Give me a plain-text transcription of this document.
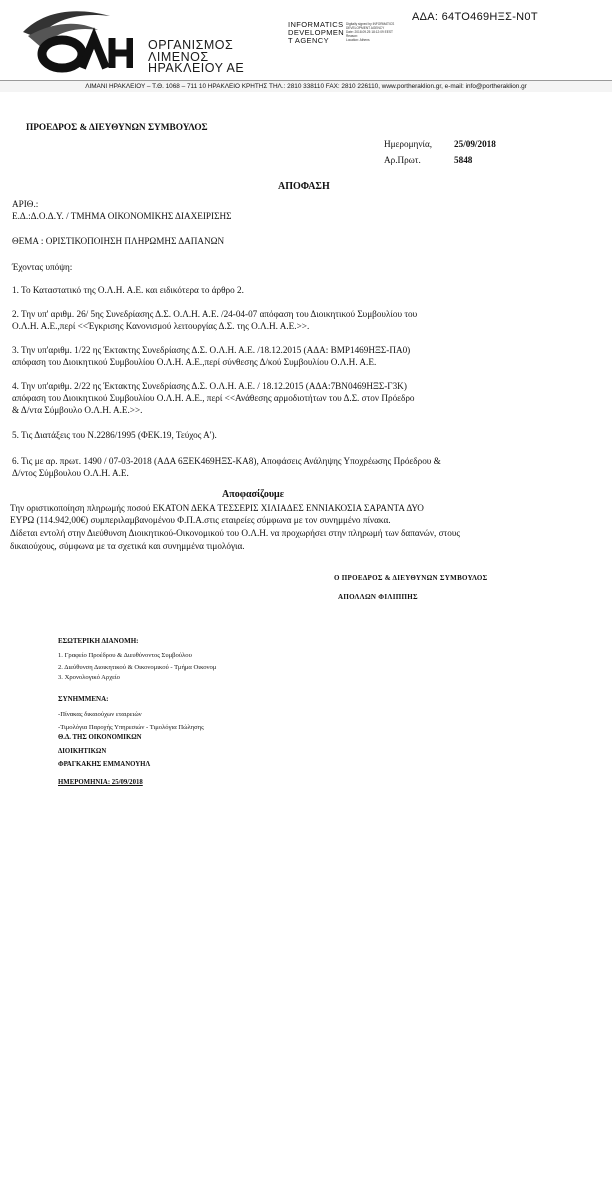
ΟΡΓΑΝΙΣΜΟΣ
ΛΙΜΕΝΟΣ
ΗΡΑΚΛΕΙΟΥ ΑΕ
INFORMATICS
DEVELOPMEN
T AGENCY
Digitally signed by INFORMATICS DEVELOPMENT AGENCY
Date: 2018.09.25 18:12:09 EEST
Reason:
Location: Athens
ΑΔΑ: 64ΤΟ469ΗΞΣ-Ν0Τ
ΛΙΜΑΝΙ ΗΡΑΚΛΕΙΟΥ – Τ.Θ. 1068 – 711 10 ΗΡΑΚΛΕΙΟ ΚΡΗΤΗΣ ΤΗΛ.: 2810 338110 FAX: 2810 226110, www.portheraklion.gr, e-mail: info@portheraklion.gr
ΠΡΟΕΔΡΟΣ & ΔΙΕΥΘΥΝΩΝ ΣΥΜΒΟΥΛΟΣ
Ημερομηνία, 25/09/2018
Αρ.Πρωτ.	5848
ΑΠΟΦΑΣΗ
ΑΡΙΘ.:
Ε.Δ.:Δ.Ο.Δ.Υ. / ΤΜΗΜΑ ΟΙΚΟΝΟΜΙΚΗΣ ΔΙΑΧΕΙΡΙΣΗΣ
ΘΕΜΑ : ΟΡΙΣΤΙΚΟΠΟΙΗΣΗ ΠΛΗΡΩΜΗΣ ΔΑΠΑΝΩΝ
Έχοντας υπόψη:
1. Το Καταστατικό της Ο.Λ.Η. Α.Ε. και ειδικότερα το άρθρο 2.
2. Την υπ' αριθμ. 26/ 5ης Συνεδρίασης Δ.Σ. Ο.Λ.Η. Α.Ε. /24-04-07 απόφαση του Διοικητικού Συμβουλίου του
Ο.Λ.Η. Α.Ε.,περί <<Έγκρισης Κανονισμού λειτουργίας Δ.Σ. της Ο.Λ.Η. Α.Ε.>>.
3. Την υπ'αριθμ. 1/22 ης Έκτακτης Συνεδρίασης Δ.Σ. Ο.Λ.Η. Α.Ε. /18.12.2015 (ΑΔΑ: ΒΜΡ1469ΗΞΣ-ΠΑ0)
απόφαση του Διοικητικού Συμβουλίου Ο.Λ.Η. Α.Ε.,περί σύνθεσης Δ/κού Συμβουλίου Ο.Λ.Η. Α.Ε.
4. Την υπ'αριθμ. 2/22 ης Έκτακτης Συνεδρίασης Δ.Σ. Ο.Λ.Η. Α.Ε. / 18.12.2015 (ΑΔΑ:7ΒΝ0469ΗΞΣ-Γ3Κ)
απόφαση του Διοικητικού Συμβουλίου Ο.Λ.Η. Α.Ε., περί <<Ανάθεσης αρμοδιοτήτων του Δ.Σ. στον Πρόεδρο
& Δ/ντα Σύμβουλο Ο.Λ.Η. Α.Ε.>>.
5. Τις Διατάξεις του Ν.2286/1995 (ΦΕΚ.19, Τεύχος Α').
6. Τις με αρ. πρωτ. 1490 / 07-03-2018 (ΑΔΑ 6ΞΕΚ469ΗΞΣ-ΚΑ8), Αποφάσεις Ανάληψης Υποχρέωσης Πρόεδρου &
Δ/ντος Σύμβουλου Ο.Λ.Η. Α.Ε.
Αποφασίζουμε
Την οριστικοποίηση πληρωμής ποσού ΕΚΑΤΟΝ ΔΕΚΑ ΤΕΣΣΕΡΙΣ ΧΙΛΙΑΔΕΣ ΕΝΝΙΑΚΟΣΙΑ ΣΑΡΑΝΤΑ ΔΥΟ
ΕΥΡΩ (114.942,00€) συμπεριλαμβανομένου Φ.Π.Α.στις εταιρείες σύμφωνα με τον συνημμένο πίνακα.
Δίδεται εντολή στην Διεύθυνση Διοικητικού-Οικονομικού του Ο.Λ.Η. να προχωρήσει στην πληρωμή των δαπανών, στους
δικαιούχους, σύμφωνα με τα σχετικά και συνημμένα τιμολόγια.
Ο ΠΡΟΕΔΡΟΣ & ΔΙΕΥΘΥΝΩΝ ΣΥΜΒΟΥΛΟΣ
ΑΠΟΛΛΩΝ ΦΙΛΙΠΠΗΣ
ΕΣΩΤΕΡΙΚΗ ΔΙΑΝΟΜΗ:
1. Γραφείο Προέδρου & Διευθύνοντος Συμβούλου
2. Διεύθυνση Διοικητικού & Οικονομικού - Τμήμα Οικονομ
3. Χρονολογικό Αρχείο
ΣΥΝΗΜΜΕΝΑ:
-Πίνακας δικαιούχων εταιρειών
-Τιμολόγια Παροχής Υπηρεσιών - Τιμολόγια Πώλησης
Θ.Δ. ΤΗΣ ΟΙΚΟΝΟΜΙΚΩΝ
ΔΙΟΙΚΗΤΙΚΩΝ
ΦΡΑΓΚΑΚΗΣ ΕΜΜΑΝΟΥΗΛ
ΗΜΕΡΟΜΗΝΙΑ: 25/09/2018
